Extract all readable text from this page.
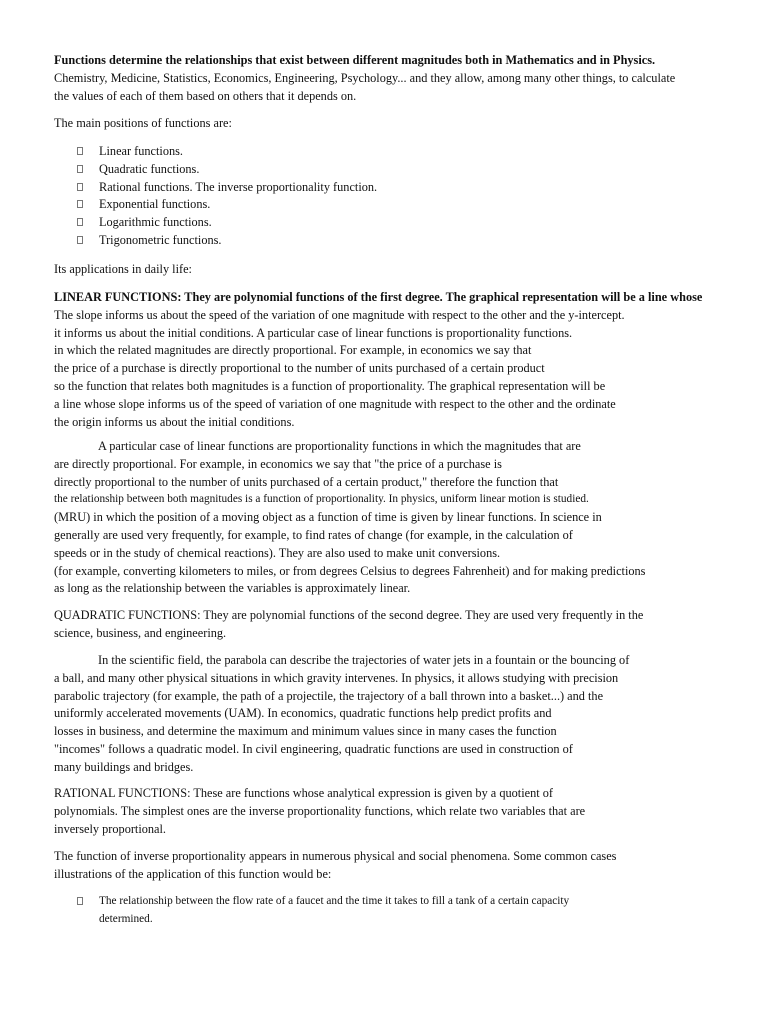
Functions determine the relationships that exist between different magnitudes both in Mathematics and in Physics.
Chemistry, Medicine, Statistics, Economics, Engineering, Psychology... and they allow, among many other things, to calculate
the values of each of them based on others that it depends on.

The main positions of functions are:

Linear functions.
Quadratic functions.
Rational functions. The inverse proportionality function.
Exponential functions.
Logarithmic functions.
Trigonometric functions.

Its applications in daily life:

LINEAR FUNCTIONS: They are polynomial functions of the first degree. The graphical representation will be a line whose
The slope informs us about the speed of the variation of one magnitude with respect to the other and the y-intercept.
it informs us about the initial conditions. A particular case of linear functions is proportionality functions.
in which the related magnitudes are directly proportional. For example, in economics we say that
the price of a purchase is directly proportional to the number of units purchased of a certain product
so the function that relates both magnitudes is a function of proportionality. The graphical representation will be
a line whose slope informs us of the speed of variation of one magnitude with respect to the other and the ordinate
the origin informs us about the initial conditions.

A particular case of linear functions are proportionality functions in which the magnitudes that are
are directly proportional. For example, in economics we say that "the price of a purchase is
directly proportional to the number of units purchased of a certain product," therefore the function that
the relationship between both magnitudes is a function of proportionality. In physics, uniform linear motion is studied.
(MRU) in which the position of a moving object as a function of time is given by linear functions. In science in
generally are used very frequently, for example, to find rates of change (for example, in the calculation of
speeds or in the study of chemical reactions). They are also used to make unit conversions.
(for example, converting kilometers to miles, or from degrees Celsius to degrees Fahrenheit) and for making predictions
as long as the relationship between the variables is approximately linear.

QUADRATIC FUNCTIONS: They are polynomial functions of the second degree. They are used very frequently in the
science, business, and engineering.

In the scientific field, the parabola can describe the trajectories of water jets in a fountain or the bouncing of
a ball, and many other physical situations in which gravity intervenes. In physics, it allows studying with precision
parabolic trajectory (for example, the path of a projectile, the trajectory of a ball thrown into a basket...) and the
uniformly accelerated movements (UAM). In economics, quadratic functions help predict profits and
losses in business, and determine the maximum and minimum values since in many cases the function
"incomes" follows a quadratic model. In civil engineering, quadratic functions are used in construction of
many buildings and bridges.

RATIONAL FUNCTIONS: These are functions whose analytical expression is given by a quotient of
polynomials. The simplest ones are the inverse proportionality functions, which relate two variables that are
inversely proportional.

The function of inverse proportionality appears in numerous physical and social phenomena. Some common cases
illustrations of the application of this function would be:

The relationship between the flow rate of a faucet and the time it takes to fill a tank of a certain capacity
determined.
